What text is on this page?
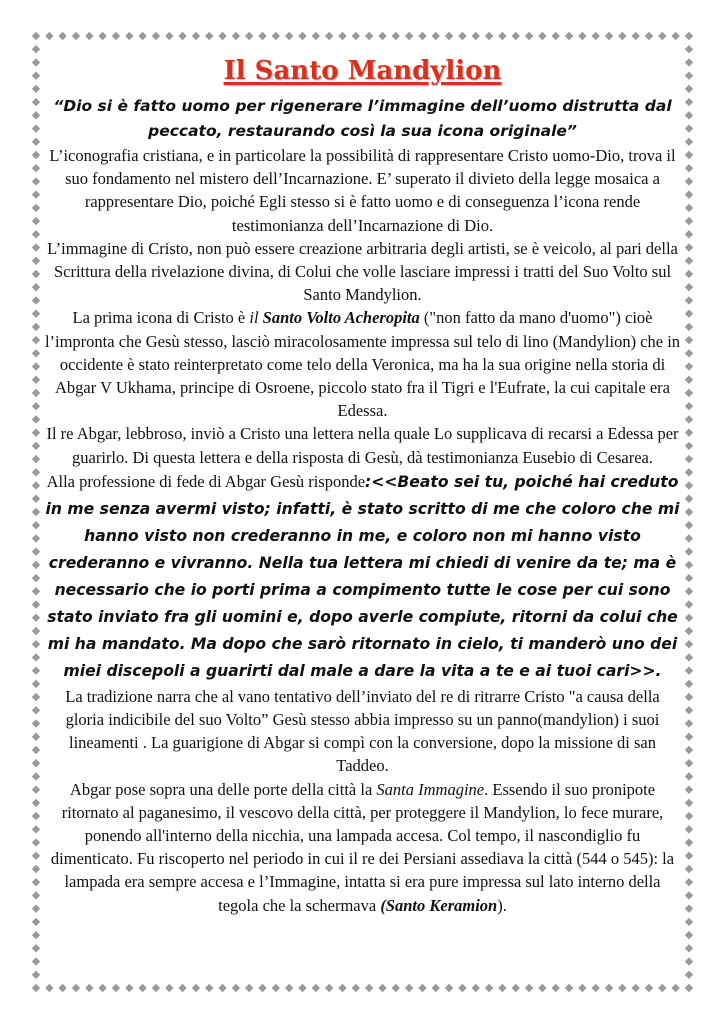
Il Santo Mandylion

“Dio si è fatto uomo per rigenerare l’immagine dell’uomo distrutta dal peccato, restaurando così la sua icona originale”

L’iconografia cristiana, e in particolare la possibilità di rappresentare Cristo uomo-Dio, trova il suo fondamento nel mistero dell’Incarnazione. E’ superato il divieto della legge mosaica a rappresentare Dio, poiché Egli stesso si è fatto uomo e di conseguenza l’icona rende testimonianza dell’Incarnazione di Dio.

L’immagine di Cristo, non può essere creazione arbitraria degli artisti, se è veicolo, al pari della Scrittura della rivelazione divina, di Colui che volle lasciare impressi i tratti del Suo Volto sul Santo Mandylion.

La prima icona di Cristo è il Santo Volto Acheropita ("non fatto da mano d'uomo") cioè l’impronta che Gesù stesso, lasciò miracolosamente impressa sul telo di lino (Mandylion) che in occidente è stato reinterpretato come telo della Veronica, ma ha la sua origine nella storia di Abgar V Ukhama, principe di Osroene, piccolo stato fra il Tigri e l'Eufrate, la cui capitale era Edessa.

Il re Abgar, lebbroso, inviò a Cristo una lettera nella quale Lo supplicava di recarsi a Edessa per guarirlo. Di questa lettera e della risposta di Gesù, dà testimonianza Eusebio di Cesarea.

Alla professione di fede di Abgar Gesù risponde:<<Beato sei tu, poiché hai creduto in me senza avermi visto; infatti, è stato scritto di me che coloro che mi hanno visto non crederanno in me, e coloro non mi hanno visto crederanno e vivranno. Nella tua lettera mi chiedi di venire da te; ma è necessario che io porti prima a compimento tutte le cose per cui sono stato inviato fra gli uomini e, dopo averle compiute, ritorni da colui che mi ha mandato. Ma dopo che sarò ritornato in cielo, ti manderò uno dei miei discepoli a guarirti dal male a dare la vita a te e ai tuoi cari>>.

La tradizione narra che al vano tentativo dell’inviato del re di ritrarre Cristo "a causa della gloria indicibile del suo Volto” Gesù stesso abbia impresso su un panno(mandylion) i suoi lineamenti . La guarigione di Abgar si compì con la conversione, dopo la missione di san Taddeo.

Abgar pose sopra una delle porte della città la Santa Immagine. Essendo il suo pronipote ritornato al paganesimo, il vescovo della città, per proteggere il Mandylion, lo fece murare, ponendo all'interno della nicchia, una lampada accesa. Col tempo, il nascondiglio fu dimenticato. Fu riscoperto nel periodo in cui il re dei Persiani assediava la città (544 o 545): la lampada era sempre accesa e l’Immagine, intatta si era pure impressa sul lato interno della tegola che la schermava (Santo Keramion).
